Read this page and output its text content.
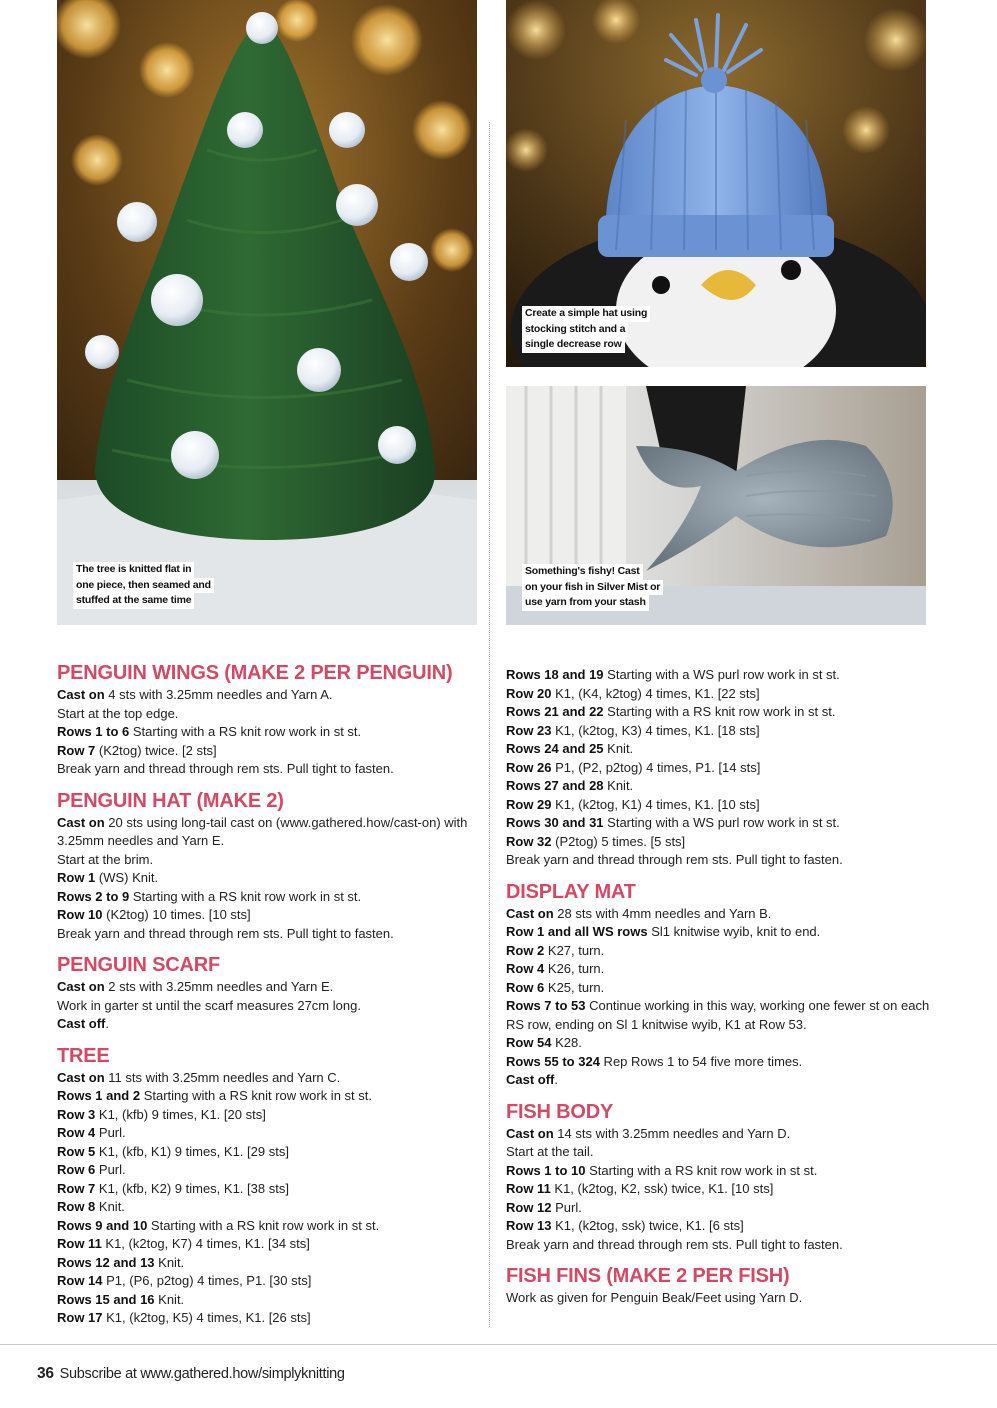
The tree is knitted flat in
one piece, then seamed and
stuffed at the same time
Create a simple hat using
stocking stitch and a
single decrease row
Something's fishy! Cast
on your fish in Silver Mist or
use yarn from your stash
PENGUIN WINGS (MAKE 2 PER PENGUIN)

Cast on 4 sts with 3.25mm needles and Yarn A.

Start at the top edge.

Rows 1 to 6 Starting with a RS knit row work in st st.

Row 7 (K2tog) twice. [2 sts]

Break yarn and thread through rem sts. Pull tight to fasten.

PENGUIN HAT (MAKE 2)

Cast on 20 sts using long-tail cast on (www.gathered.how/cast-on) with 3.25mm needles and Yarn E.

Start at the brim.

Row 1 (WS) Knit.

Rows 2 to 9 Starting with a RS knit row work in st st.

Row 10 (K2tog) 10 times. [10 sts]

Break yarn and thread through rem sts. Pull tight to fasten.

PENGUIN SCARF

Cast on 2 sts with 3.25mm needles and Yarn E.

Work in garter st until the scarf measures 27cm long.

Cast off.

TREE

Cast on 11 sts with 3.25mm needles and Yarn C.

Rows 1 and 2 Starting with a RS knit row work in st st.

Row 3 K1, (kfb) 9 times, K1. [20 sts]

Row 4 Purl.

Row 5 K1, (kfb, K1) 9 times, K1. [29 sts]

Row 6 Purl.

Row 7 K1, (kfb, K2) 9 times, K1. [38 sts]

Row 8 Knit.

Rows 9 and 10 Starting with a RS knit row work in st st.

Row 11 K1, (k2tog, K7) 4 times, K1. [34 sts]

Rows 12 and 13 Knit.

Row 14 P1, (P6, p2tog) 4 times, P1. [30 sts]

Rows 15 and 16 Knit.

Row 17 K1, (k2tog, K5) 4 times, K1. [26 sts]

Rows 18 and 19 Starting with a WS purl row work in st st.

Row 20 K1, (K4, k2tog) 4 times, K1. [22 sts]

Rows 21 and 22 Starting with a RS knit row work in st st.

Row 23 K1, (k2tog, K3) 4 times, K1. [18 sts]

Rows 24 and 25 Knit.

Row 26 P1, (P2, p2tog) 4 times, P1. [14 sts]

Rows 27 and 28 Knit.

Row 29 K1, (k2tog, K1) 4 times, K1. [10 sts]

Rows 30 and 31 Starting with a WS purl row work in st st.

Row 32 (P2tog) 5 times. [5 sts]

Break yarn and thread through rem sts. Pull tight to fasten.

DISPLAY MAT

Cast on 28 sts with 4mm needles and Yarn B.

Row 1 and all WS rows Sl1 knitwise wyib, knit to end.

Row 2 K27, turn.

Row 4 K26, turn.

Row 6 K25, turn.

Rows 7 to 53 Continue working in this way, working one fewer st on each RS row, ending on Sl 1 knitwise wyib, K1 at Row 53.

Row 54 K28.

Rows 55 to 324 Rep Rows 1 to 54 five more times.

Cast off.

FISH BODY

Cast on 14 sts with 3.25mm needles and Yarn D.

Start at the tail.

Rows 1 to 10 Starting with a RS knit row work in st st.

Row 11 K1, (k2tog, K2, ssk) twice, K1. [10 sts]

Row 12 Purl.

Row 13 K1, (k2tog, ssk) twice, K1. [6 sts]

Break yarn and thread through rem sts. Pull tight to fasten.

FISH FINS (MAKE 2 PER FISH)

Work as given for Penguin Beak/Feet using Yarn D.

36 Subscribe at www.gathered.how/simplyknitting
